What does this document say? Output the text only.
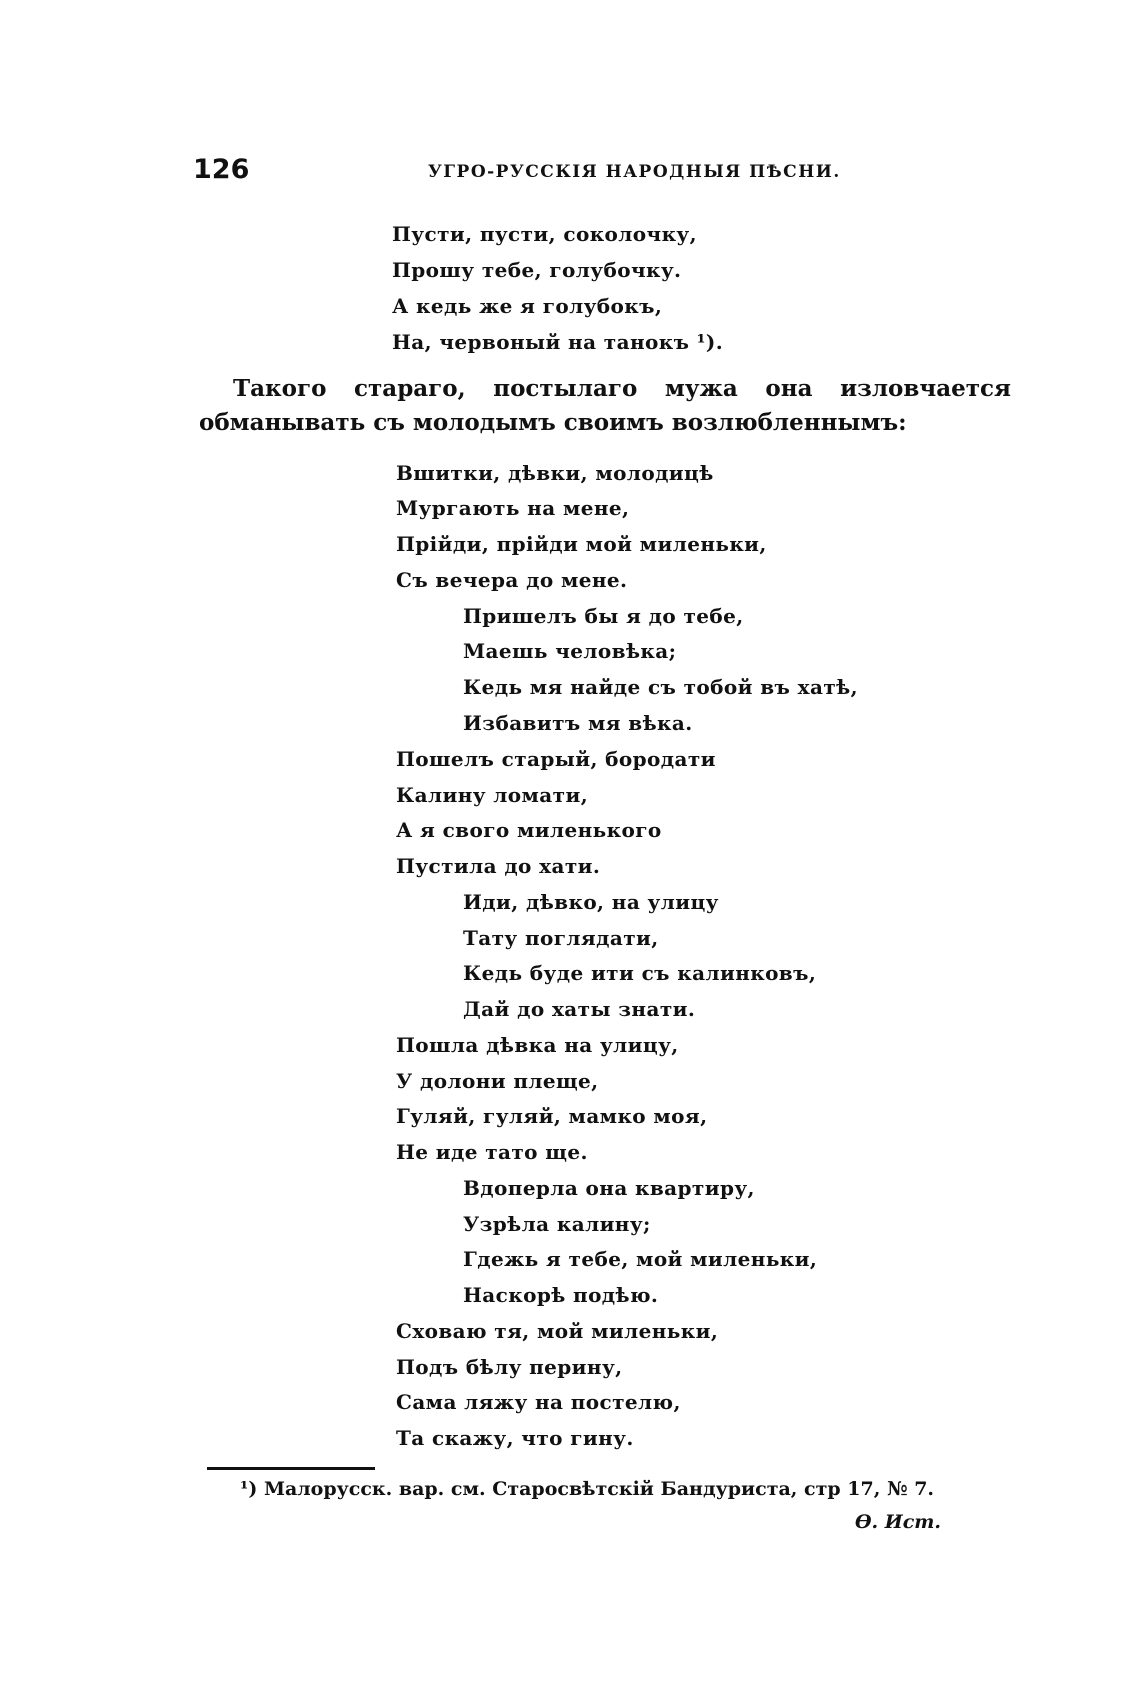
126	УГРО-РУССКІЯ НАРОДНЫЯ ПѢСНИ.
Пусти, пусти, соколочку,
Прошу тебе, голубочку.
А кедь же я голубокъ,
На, червоный на танокъ ¹).

Такого стараго, постылаго мужа она изловчается обманывать съ молодымъ своимъ возлюбленнымъ:

Вшитки, дѣвки, молодицѣ
Мургають на мене,
Прійди, прійди мой миленьки,
Съ вечера до мене.
Пришелъ бы я до тебе,
Маешь человѣка;
Кедь мя найде съ тобой въ хатѣ,
Избавитъ мя вѣка.
Пошелъ старый, бородати
Калину ломати,
А я свого миленького
Пустила до хати.
Иди, дѣвко, на улицу
Тату поглядати,
Кедь буде ити съ калинковъ,
Дай до хаты знати.
Пошла дѣвка на улицу,
У долони плеще,
Гуляй, гуляй, мамко моя,
Не иде тато ще.
Вдоперла она квартиру,
Узрѣла калину;
Гдежь я тебе, мой миленьки,
Наскорѣ подѣю.
Сховаю тя, мой миленьки,
Подъ бѣлу перину,
Сама ляжу на постелю,
Та скажу, что гину.
¹) Малорусск. вар. см. Старосвѣтскій Бандуриста, стр 17, № 7.
Ѳ. Ист.
